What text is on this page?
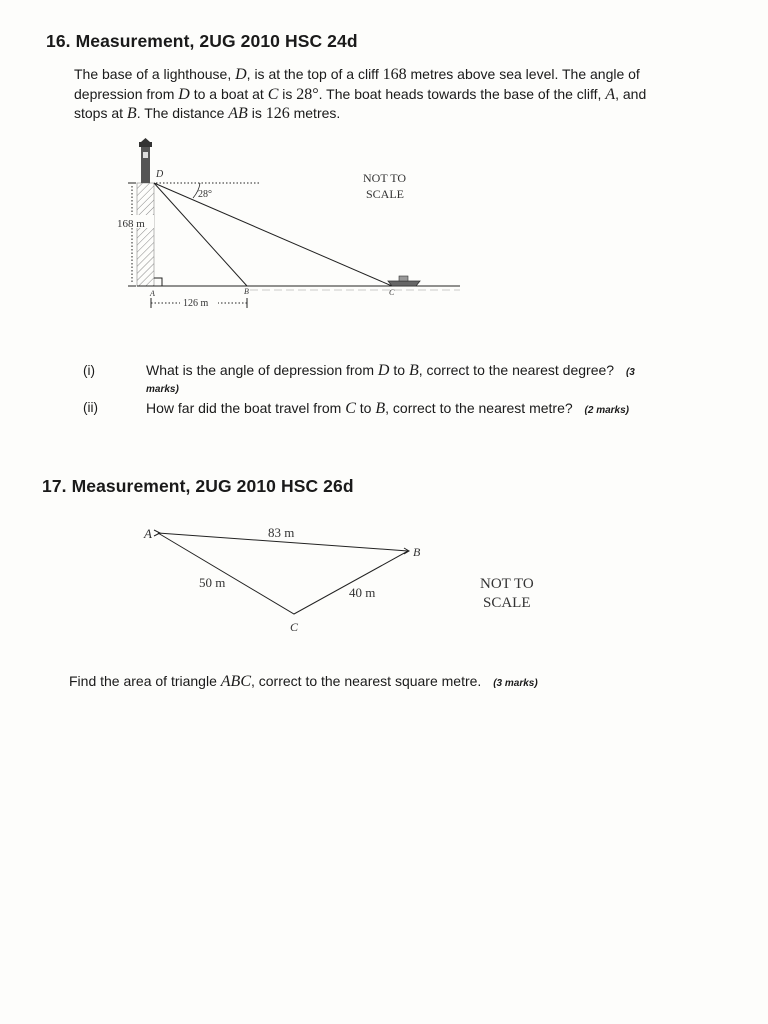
16. Measurement, 2UG 2010 HSC 24d
The base of a lighthouse, D, is at the top of a cliff 168 metres above sea level. The angle of
depression from D to a boat at C is 28°. The boat heads towards the base of the cliff, A, and
stops at B. The distance AB is 126 metres.
168 m
D
28°
A	B	C
126 m
NOT TO
SCALE
(i)	What is the angle of depression from D to B, correct to the nearest degree? (3
marks)
(ii)	How far did the boat travel from C to B, correct to the nearest metre? (2 marks)
17. Measurement, 2UG 2010 HSC 26d
A
B
C
83 m
50 m
40 m
NOT TO
SCALE
Find the area of triangle ABC, correct to the nearest square metre. (3 marks)
